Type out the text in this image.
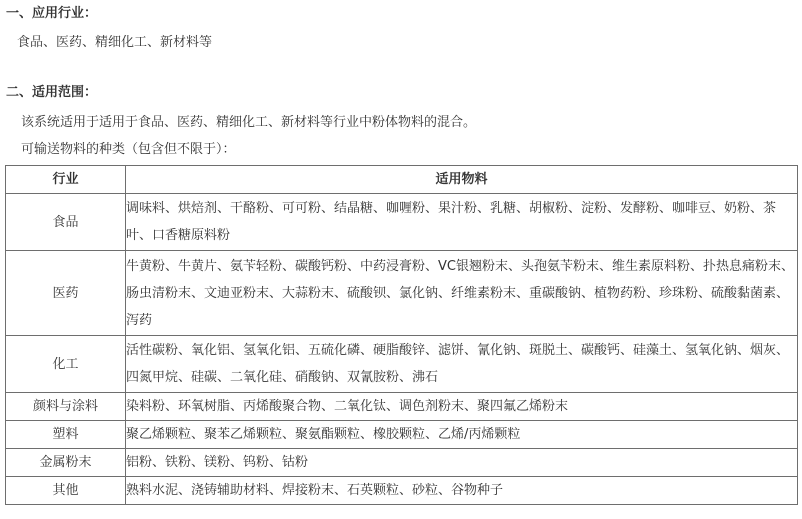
一、应用行业：
食品、医药、精细化工、新材料等
二、适用范围：
该系统适用于适用于食品、医药、精细化工、新材料等行业中粉体物料的混合。
可输送物料的种类（包含但不限于）：
行业	适用物料
食品	调味料、烘焙剂、干酪粉、可可粉、结晶糖、咖喱粉、果汁粉、乳糖、胡椒粉、淀粉、发酵粉、咖啡豆、奶粉、茶叶、口香糖原料粉
医药	牛黄粉、牛黄片、氨苄轻粉、碳酸钙粉、中药浸膏粉、VC银翘粉末、头孢氨苄粉末、维生素原料粉、扑热息痛粉末、肠虫清粉末、文迪亚粉末、大蒜粉末、硫酸钡、氯化钠、纤维素粉末、重碳酸钠、植物药粉、珍珠粉、硫酸黏菌素、泻药
化工	活性碳粉、氧化铝、氢氧化铝、五硫化磷、硬脂酸锌、滤饼、氰化钠、斑脱土、碳酸钙、硅藻土、氢氧化钠、烟灰、四氮甲烷、硅碳、二氧化硅、硝酸钠、双氰胺粉、沸石
颜料与涂料	染料粉、环氧树脂、丙烯酸聚合物、二氧化钛、调色剂粉末、聚四氟乙烯粉末
塑料	聚乙烯颗粒、聚苯乙烯颗粒、聚氨酯颗粒、橡胶颗粒、乙烯/丙烯颗粒
金属粉末	铝粉、铁粉、镁粉、钨粉、钴粉
其他	熟料水泥、浇铸辅助材料、焊接粉末、石英颗粒、砂粒、谷物种子
